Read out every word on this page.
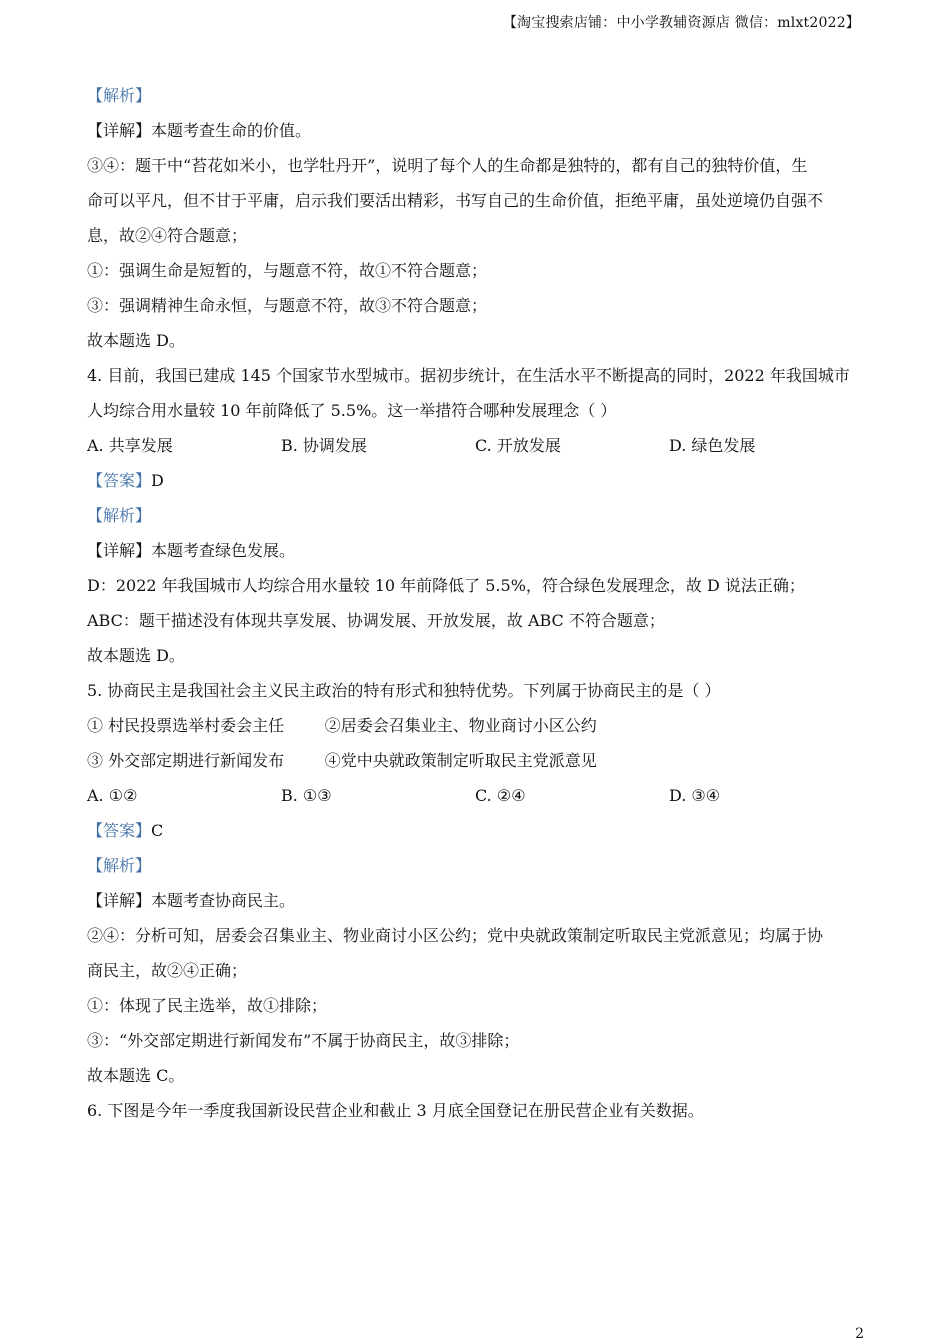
【淘宝搜索店铺：中小学教辅资源店 微信：mlxt2022】
【解析】
【详解】本题考查生命的价值。
③④：题干中“苔花如米小，也学牡丹开”，说明了每个人的生命都是独特的，都有自己的独特价值，生
命可以平凡，但不甘于平庸，启示我们要活出精彩，书写自己的生命价值，拒绝平庸，虽处逆境仍自强不
息，故②④符合题意；
①：强调生命是短暂的，与题意不符，故①不符合题意；
③：强调精神生命永恒，与题意不符，故③不符合题意；
故本题选 D。
4. 目前，我国已建成 145 个国家节水型城市。据初步统计，在生活水平不断提高的同时，2022 年我国城市
人均综合用水量较 10 年前降低了 5.5%。这一举措符合哪种发展理念（ ）
A. 共享发展	B. 协调发展	C. 开放发展	D. 绿色发展
【答案】D
【解析】
【详解】本题考查绿色发展。
D：2022 年我国城市人均综合用水量较 10 年前降低了 5.5%，符合绿色发展理念，故 D 说法正确；
ABC：题干描述没有体现共享发展、协调发展、开放发展，故 ABC 不符合题意；
故本题选 D。
5. 协商民主是我国社会主义民主政治的特有形式和独特优势。下列属于协商民主的是（ ）
① 村民投票选举村委会主任        ②居委会召集业主、物业商讨小区公约
③ 外交部定期进行新闻发布        ④党中央就政策制定听取民主党派意见
A. ①②	B. ①③	C. ②④	D. ③④
【答案】C
【解析】
【详解】本题考查协商民主。
②④：分析可知，居委会召集业主、物业商讨小区公约；党中央就政策制定听取民主党派意见；均属于协
商民主，故②④正确；
①：体现了民主选举，故①排除；
③：“外交部定期进行新闻发布”不属于协商民主，故③排除；
故本题选 C。
6. 下图是今年一季度我国新设民营企业和截止 3 月底全国登记在册民营企业有关数据。
2
